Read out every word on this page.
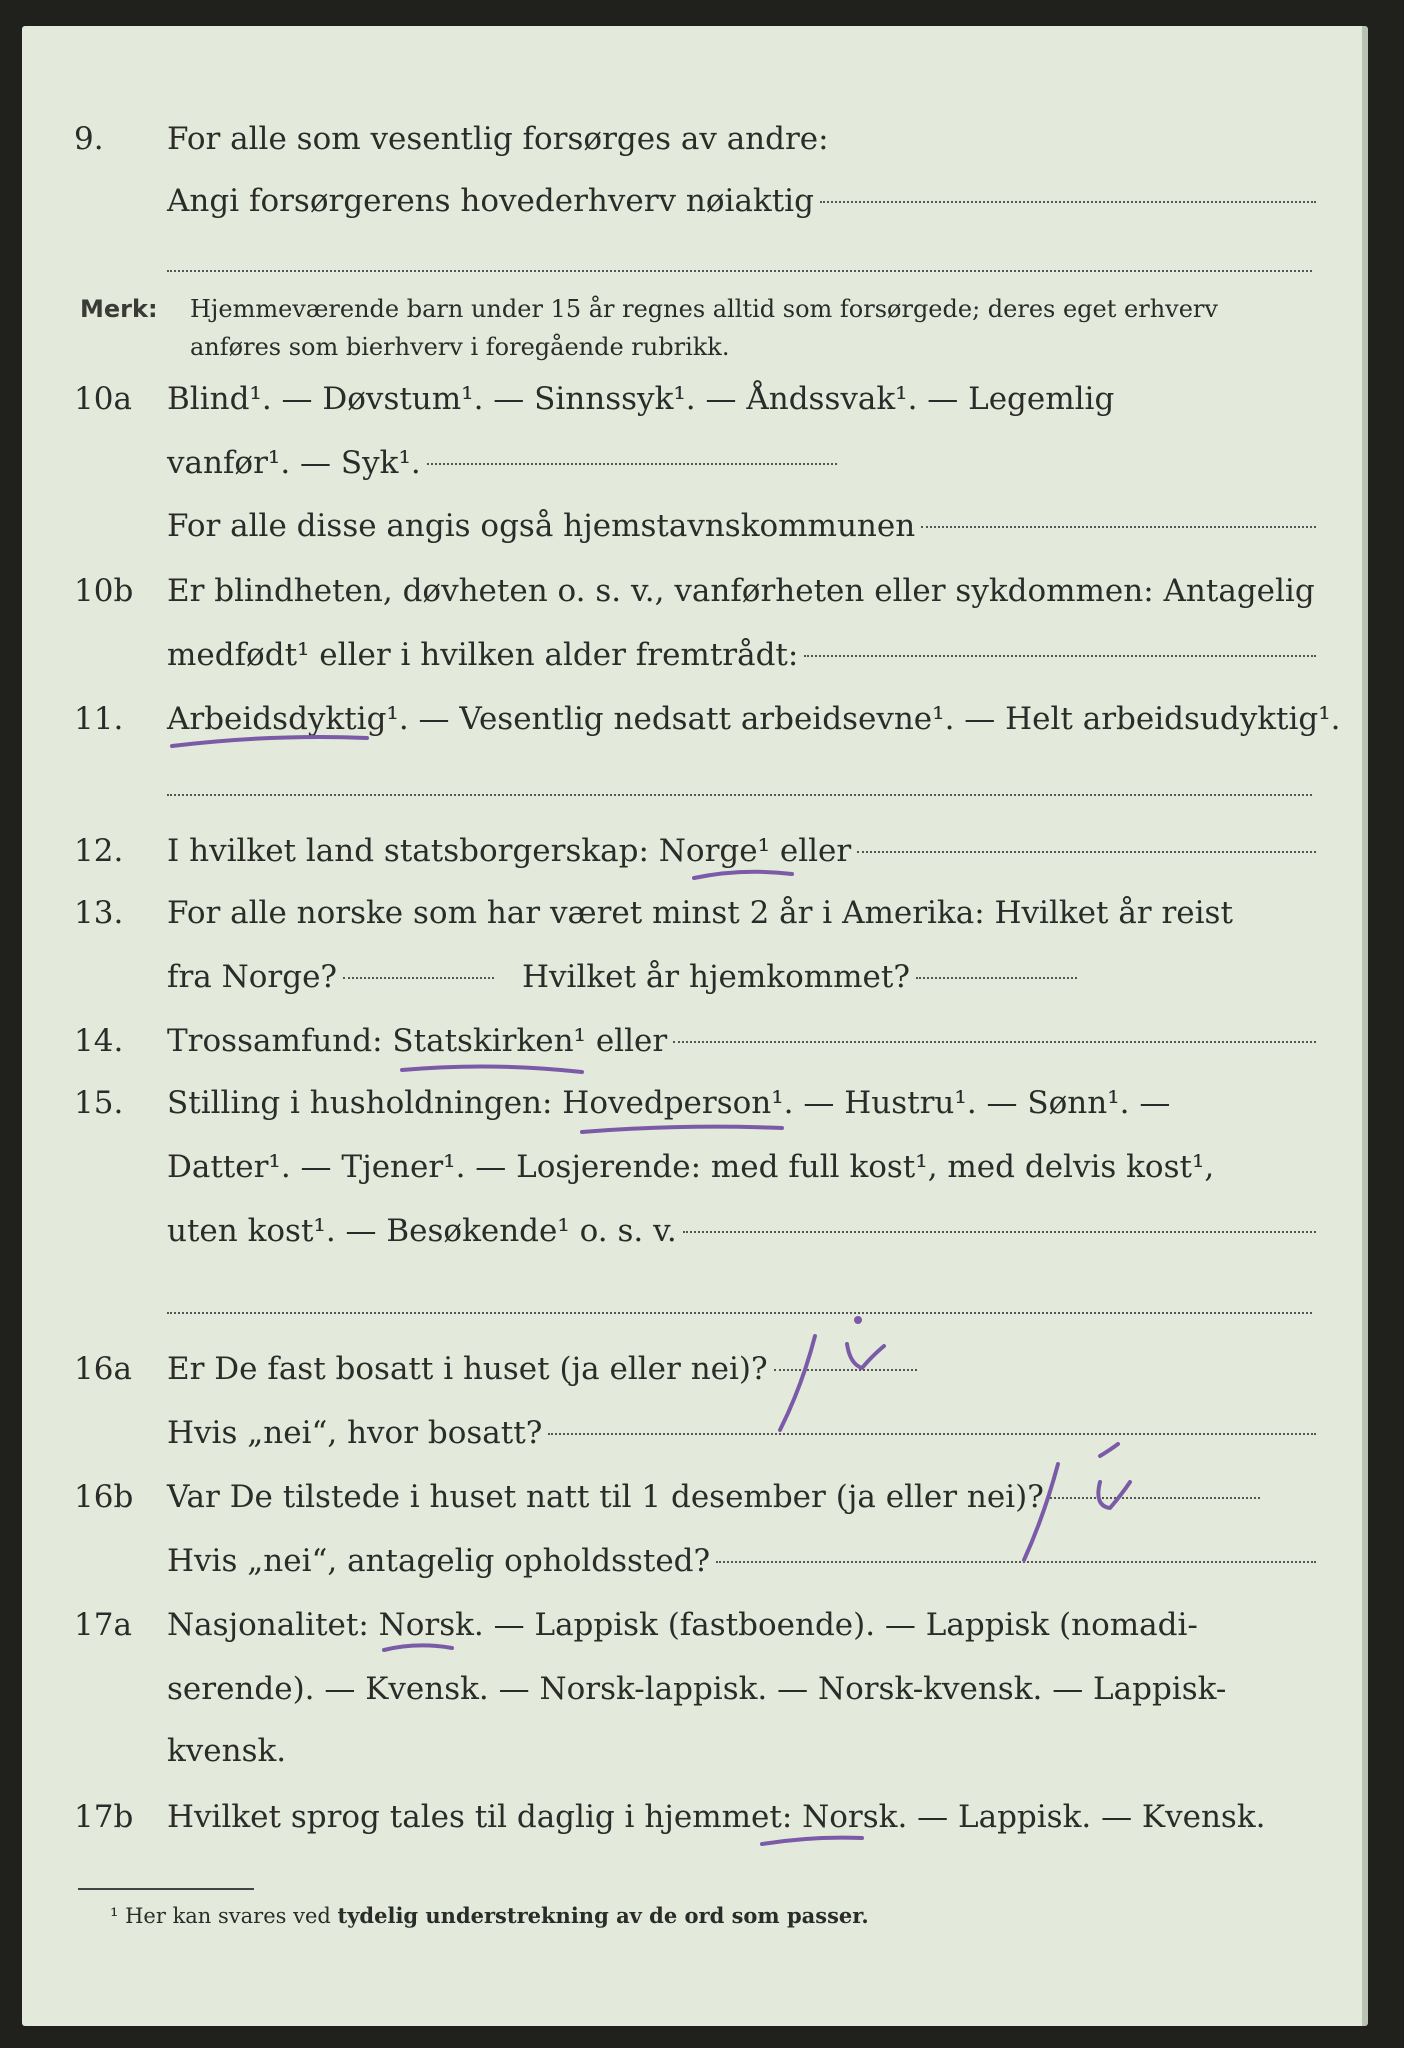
9.	For alle som vesentlig forsørges av andre:
Angi forsørgerens hovederhverv nøiaktig
Merk: Hjemmeværende barn under 15 år regnes alltid som forsørgede; deres eget erhverv
anføres som bierhverv i foregående rubrikk.
10a	Blind¹. — Døvstum¹. — Sinnssyk¹. — Åndssvak¹. — Legemlig
vanfør¹. — Syk¹.
For alle disse angis også hjemstavnskommunen
10b	Er blindheten, døvheten o. s. v., vanførheten eller sykdommen: Antagelig
medfødt¹ eller i hvilken alder fremtrådt:
11.	Arbeidsdyktig¹. — Vesentlig nedsatt arbeidsevne¹. — Helt arbeidsudyktig¹.
12.	I hvilket land statsborgerskap: Norge¹ eller
13.	For alle norske som har været minst 2 år i Amerika: Hvilket år reist
fra Norge?	Hvilket år hjemkommet?
14.	Trossamfund: Statskirken¹ eller
15.	Stilling i husholdningen: Hovedperson¹. — Hustru¹. — Sønn¹. —
Datter¹. — Tjener¹. — Losjerende: med full kost¹, med delvis kost¹,
uten kost¹. — Besøkende¹ o. s. v.
16a	Er De fast bosatt i huset (ja eller nei)?
Hvis „nei“, hvor bosatt?
16b	Var De tilstede i huset natt til 1 desember (ja eller nei)?
Hvis „nei“, antagelig opholdssted?
17a	Nasjonalitet: Norsk. — Lappisk (fastboende). — Lappisk (nomadi-
serende). — Kvensk. — Norsk-lappisk. — Norsk-kvensk. — Lappisk-
kvensk.
17b	Hvilket sprog tales til daglig i hjemmet: Norsk. — Lappisk. — Kvensk.
¹ Her kan svares ved tydelig understrekning av de ord som passer.
